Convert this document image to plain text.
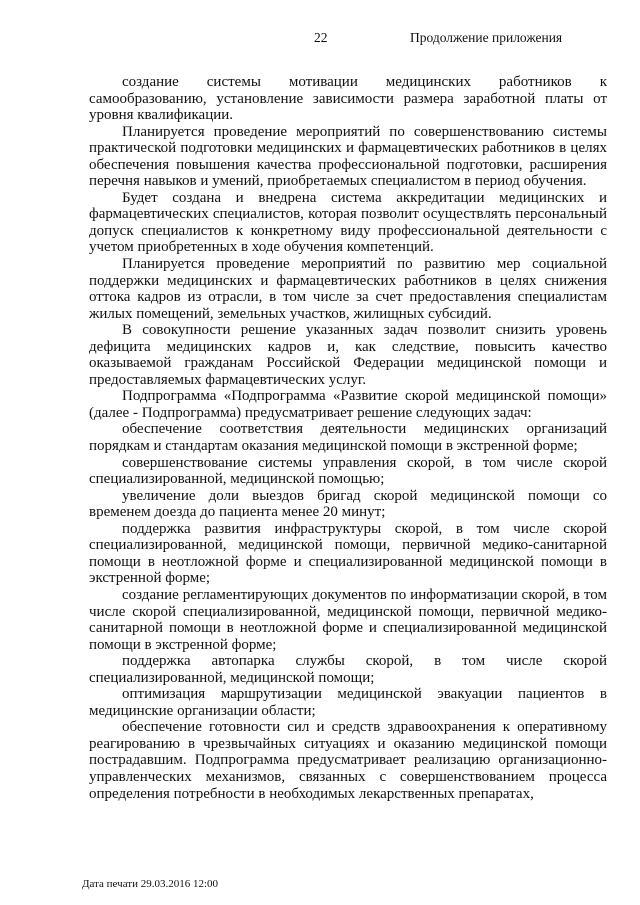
22	Продолжение приложения

создание системы мотивации медицинских работников к самообразованию, установление зависимости размера заработной платы от уровня квалификации.

Планируется проведение мероприятий по совершенствованию системы практической подготовки медицинских и фармацевтических работников в целях обеспечения повышения качества профессиональной подготовки, расширения перечня навыков и умений, приобретаемых специалистом в период обучения.

Будет создана и внедрена система аккредитации медицинских и фармацевтических специалистов, которая позволит осуществлять персональный допуск специалистов к конкретному виду профессиональной деятельности с учетом приобретенных в ходе обучения компетенций.

Планируется проведение мероприятий по развитию мер социальной поддержки медицинских и фармацевтических работников в целях снижения оттока кадров из отрасли, в том числе за счет предоставления специалистам жилых помещений, земельных участков, жилищных субсидий.

В совокупности решение указанных задач позволит снизить уровень дефицита медицинских кадров и, как следствие, повысить качество оказываемой гражданам Российской Федерации медицинской помощи и предоставляемых фармацевтических услуг.

Подпрограмма «Подпрограмма «Развитие скорой медицинской помощи» (далее - Подпрограмма) предусматривает решение следующих задач:

обеспечение соответствия деятельности медицинских организаций порядкам и стандартам оказания медицинской помощи в экстренной форме;

совершенствование системы управления скорой, в том числе скорой специализированной, медицинской помощью;

увеличение доли выездов бригад скорой медицинской помощи со временем доезда до пациента менее 20 минут;

поддержка развития инфраструктуры скорой, в том числе скорой специализированной, медицинской помощи, первичной медико-санитарной помощи в неотложной форме и специализированной медицинской помощи в экстренной форме;

создание регламентирующих документов по информатизации скорой, в том числе скорой специализированной, медицинской помощи, первичной медико-санитарной помощи в неотложной форме и специализированной медицинской помощи в экстренной форме;

поддержка автопарка службы скорой, в том числе скорой специализированной, медицинской помощи;

оптимизация маршрутизации медицинской эвакуации пациентов в медицинские организации области;

обеспечение готовности сил и средств здравоохранения к оперативному реагированию в чрезвычайных ситуациях и оказанию медицинской помощи пострадавшим. Подпрограмма предусматривает реализацию организационно-управленческих механизмов, связанных с совершенствованием процесса определения потребности в необходимых лекарственных препаратах,

Дата печати 29.03.2016 12:00
